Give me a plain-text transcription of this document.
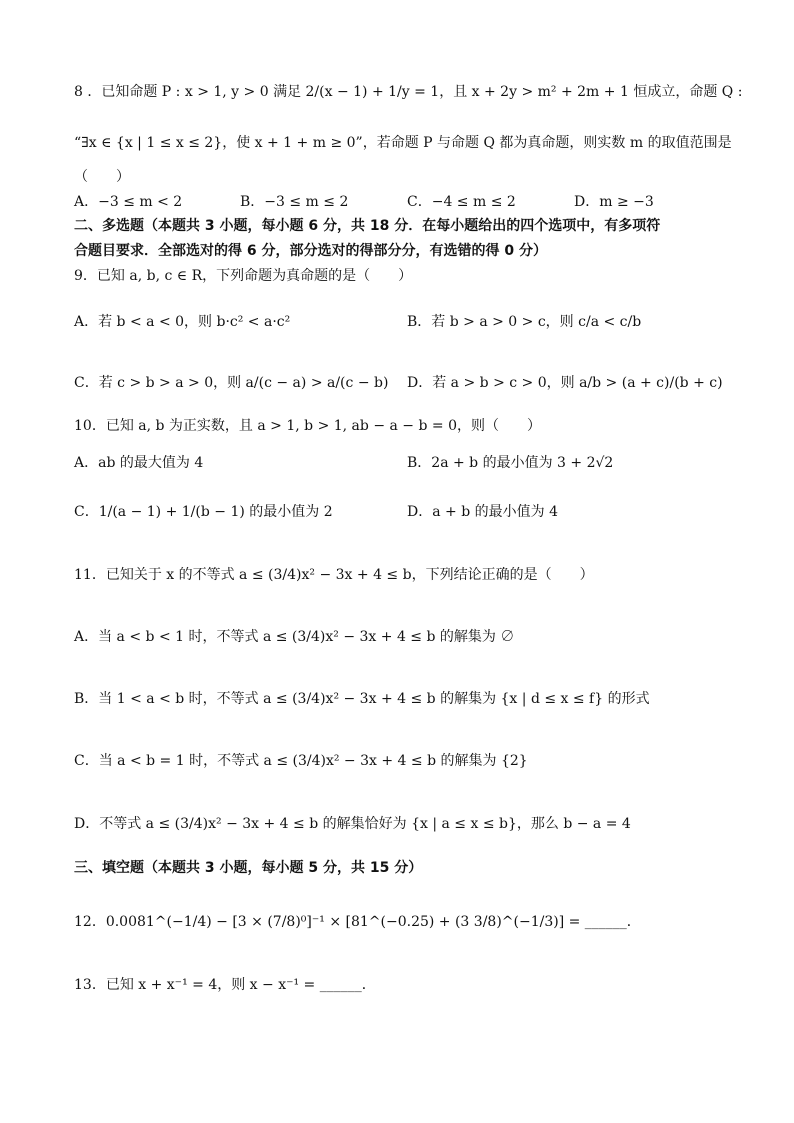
8 ．已知命题 P : x > 1, y > 0 满足 2/(x − 1) + 1/y = 1，且 x + 2y > m² + 2m + 1 恒成立，命题 Q :
“∃x ∈ {x | 1 ≤ x ≤ 2}，使 x + 1 + m ≥ 0”，若命题 P 与命题 Q 都为真命题，则实数 m 的取值范围是
（　　）
A．−3 ≤ m < 2	B．−3 ≤ m ≤ 2	C．−4 ≤ m ≤ 2	D．m ≥ −3
二、多选题（本题共 3 小题，每小题 6 分，共 18 分．在每小题给出的四个选项中，有多项符
合题目要求．全部选对的得 6 分，部分选对的得部分分，有选错的得 0 分）
9．已知 a, b, c ∈ R，下列命题为真命题的是（　　）
A．若 b < a < 0，则 b·c² < a·c²	B．若 b > a > 0 > c，则 c/a < c/b
C．若 c > b > a > 0，则 a/(c − a) > a/(c − b) D．若 a > b > c > 0，则 a/b > (a + c)/(b + c)
10．已知 a, b 为正实数，且 a > 1, b > 1, ab − a − b = 0，则（　　）
A．ab 的最大值为 4	B．2a + b 的最小值为 3 + 2√2
C．1/(a − 1) + 1/(b − 1) 的最小值为 2	D．a + b 的最小值为 4
11．已知关于 x 的不等式 a ≤ (3/4)x² − 3x + 4 ≤ b，下列结论正确的是（　　）
A．当 a < b < 1 时，不等式 a ≤ (3/4)x² − 3x + 4 ≤ b 的解集为 ∅
B．当 1 < a < b 时，不等式 a ≤ (3/4)x² − 3x + 4 ≤ b 的解集为 {x | d ≤ x ≤ f} 的形式
C．当 a < b = 1 时，不等式 a ≤ (3/4)x² − 3x + 4 ≤ b 的解集为 {2}
D．不等式 a ≤ (3/4)x² − 3x + 4 ≤ b 的解集恰好为 {x | a ≤ x ≤ b}，那么 b − a = 4
三、填空题（本题共 3 小题，每小题 5 分，共 15 分）
12．0.0081^(−1/4) − [3 × (7/8)⁰]⁻¹ × [81^(−0.25) + (3 3/8)^(−1/3)] = ______．
13．已知 x + x⁻¹ = 4，则 x − x⁻¹ = ______．
